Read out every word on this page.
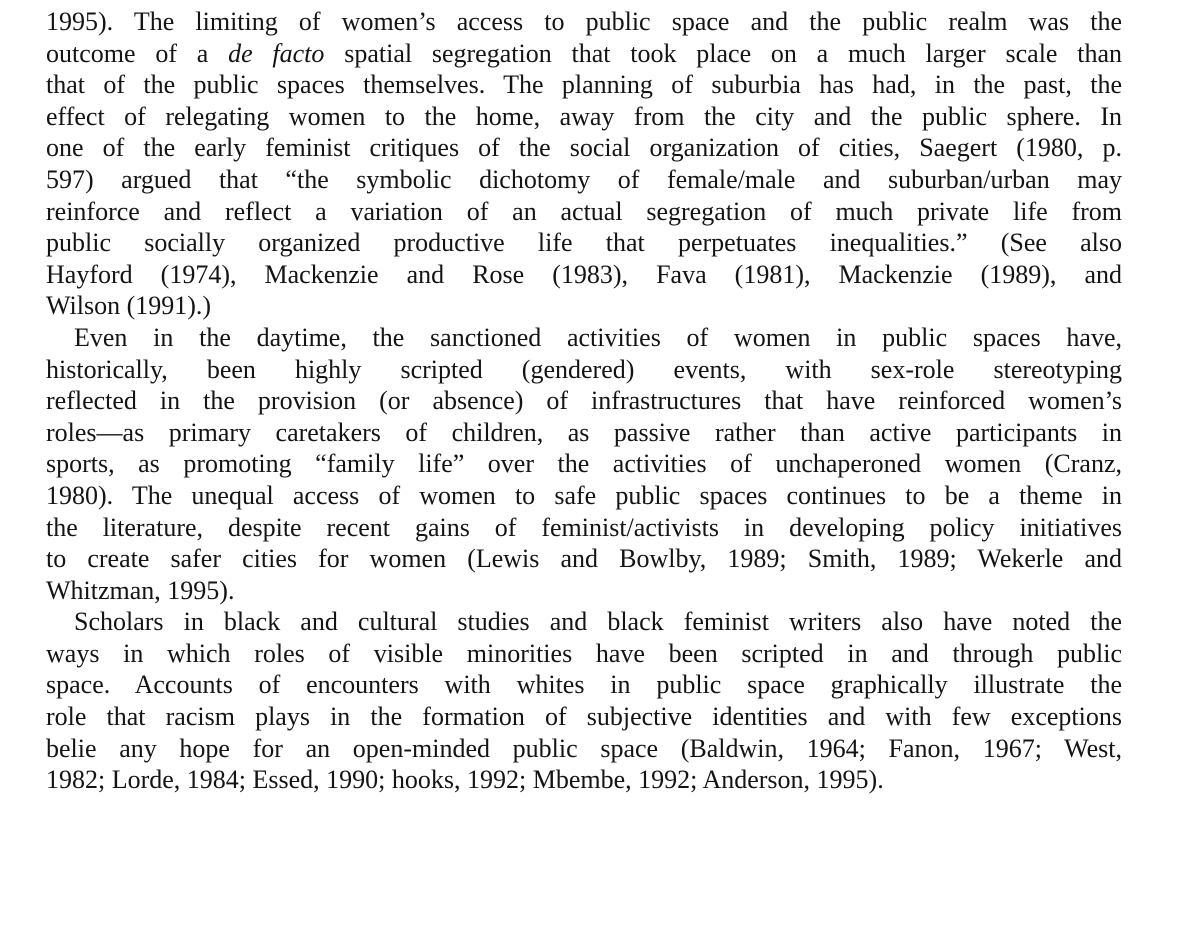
1995). The limiting of women’s access to public space and the public realm was the
outcome of a de facto spatial segregation that took place on a much larger scale than
that of the public spaces themselves. The planning of suburbia has had, in the past, the
effect of relegating women to the home, away from the city and the public sphere. In
one of the early feminist critiques of the social organization of cities, Saegert (1980, p.
597) argued that “the symbolic dichotomy of female/male and suburban/urban may
reinforce and reflect a variation of an actual segregation of much private life from
public socially organized productive life that perpetuates inequalities.” (See also
Hayford (1974), Mackenzie and Rose (1983), Fava (1981), Mackenzie (1989), and
Wilson (1991).)
Even in the daytime, the sanctioned activities of women in public spaces have,
historically, been highly scripted (gendered) events, with sex-role stereotyping
reflected in the provision (or absence) of infrastructures that have reinforced women’s
roles—as primary caretakers of children, as passive rather than active participants in
sports, as promoting “family life” over the activities of unchaperoned women (Cranz,
1980). The unequal access of women to safe public spaces continues to be a theme in
the literature, despite recent gains of feminist/activists in developing policy initiatives
to create safer cities for women (Lewis and Bowlby, 1989; Smith, 1989; Wekerle and
Whitzman, 1995).
Scholars in black and cultural studies and black feminist writers also have noted the
ways in which roles of visible minorities have been scripted in and through public
space. Accounts of encounters with whites in public space graphically illustrate the
role that racism plays in the formation of subjective identities and with few exceptions
belie any hope for an open-minded public space (Baldwin, 1964; Fanon, 1967; West,
1982; Lorde, 1984; Essed, 1990; hooks, 1992; Mbembe, 1992; Anderson, 1995).
